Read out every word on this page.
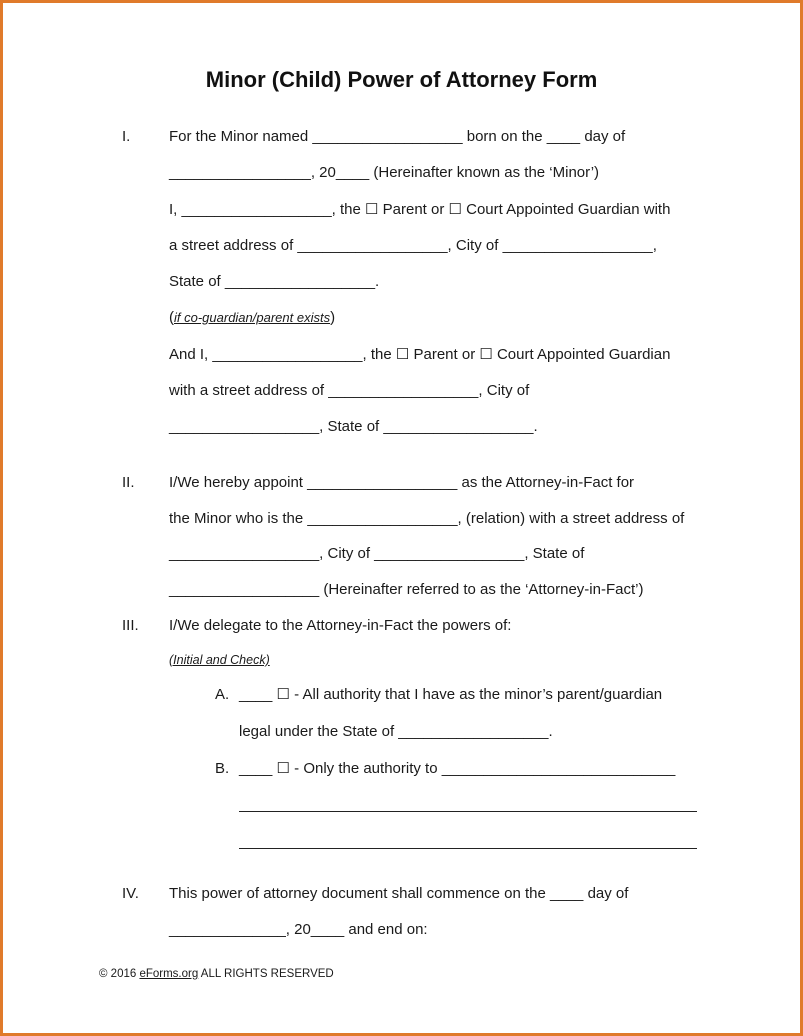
Minor (Child) Power of Attorney Form
I.	For the Minor named __________________ born on the ____ day of
_________________, 20____ (Hereinafter known as the ‘Minor’)
I, __________________, the ☐ Parent or ☐ Court Appointed Guardian with
a street address of __________________, City of __________________,
State of __________________.
(if co-guardian/parent exists)
And I, __________________, the ☐ Parent or ☐ Court Appointed Guardian
with a street address of __________________, City of
__________________, State of __________________.
II. I/We hereby appoint __________________ as the Attorney-in-Fact for
the Minor who is the __________________, (relation) with a street address of
__________________, City of __________________, State of
__________________ (Hereinafter referred to as the ‘Attorney-in-Fact’)
III. I/We delegate to the Attorney-in-Fact the powers of:
(Initial and Check)
A. ____ ☐ - All authority that I have as the minor’s parent/guardian
legal under the State of __________________.
B. ____ ☐ - Only the authority to ____________________________
IV. This power of attorney document shall commence on the ____ day of
______________, 20____ and end on:
© 2016 eForms.org ALL RIGHTS RESERVED
